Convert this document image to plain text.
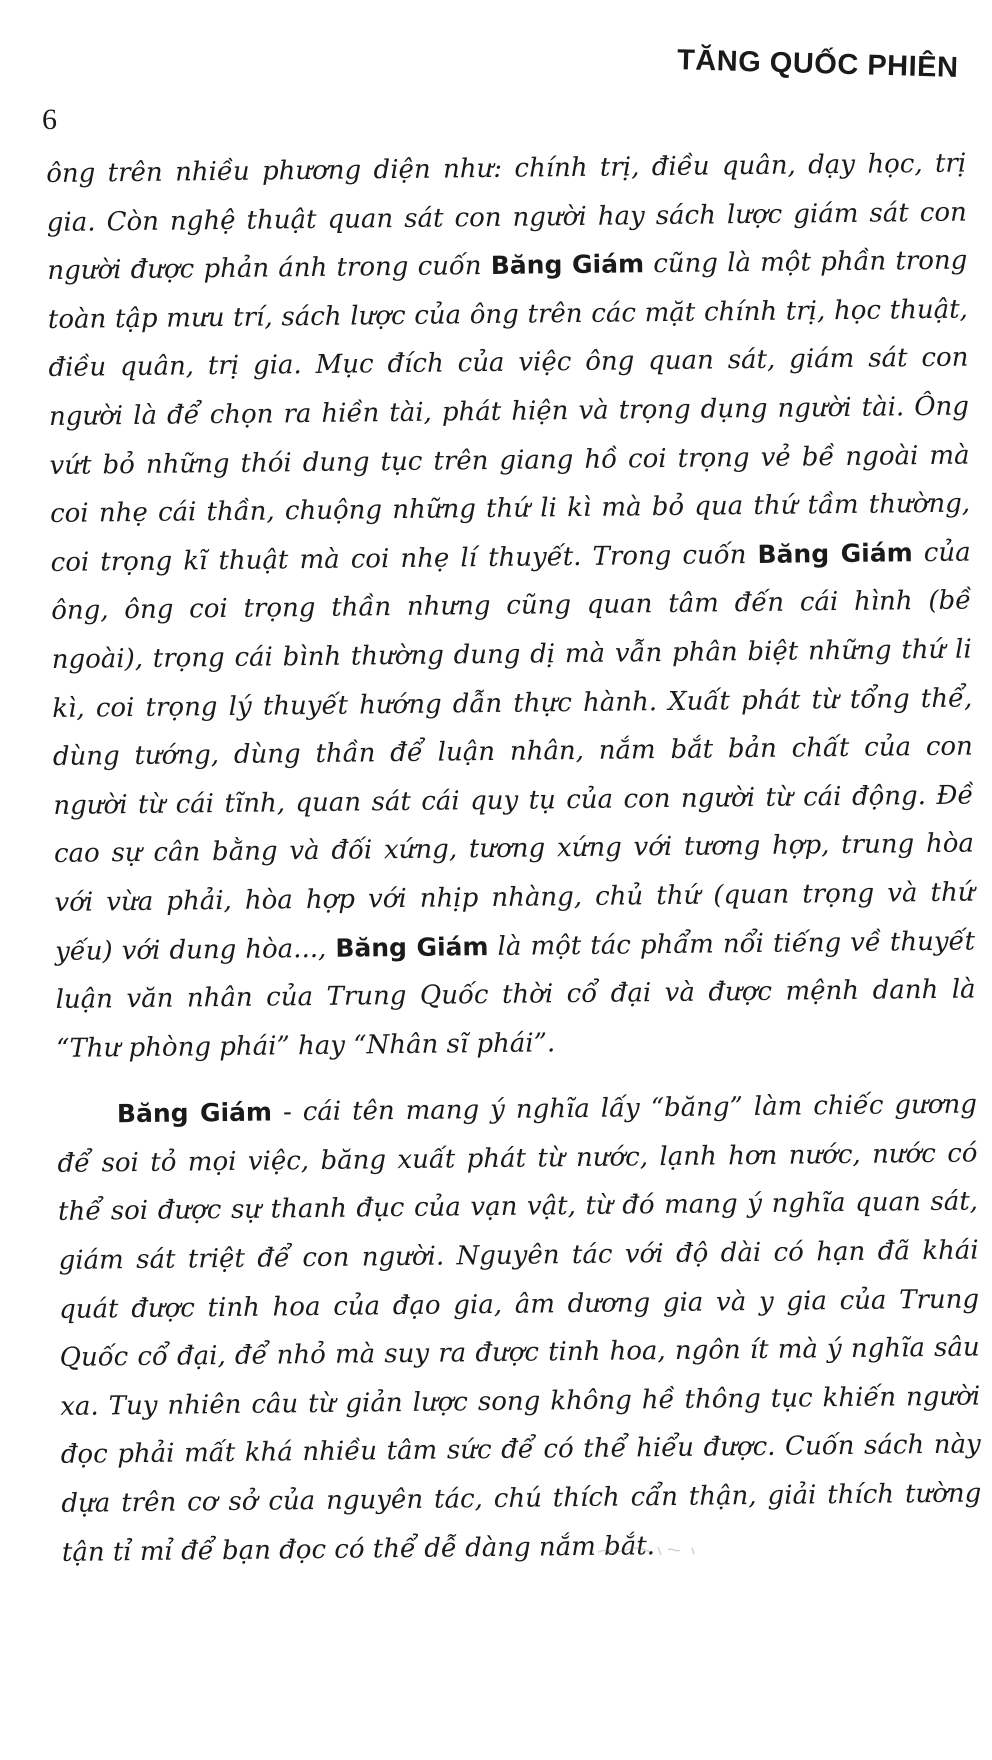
TĂNG QUỐC PHIÊN
6

ông trên nhiều phương diện như: chính trị, điều quân, dạy học, trị gia. Còn nghệ thuật quan sát con người hay sách lược giám sát con người được phản ánh trong cuốn Băng Giám cũng là một phần trong toàn tập mưu trí, sách lược của ông trên các mặt chính trị, học thuật, điều quân, trị gia. Mục đích của việc ông quan sát, giám sát con người là để chọn ra hiền tài, phát hiện và trọng dụng người tài. Ông vứt bỏ những thói dung tục trên giang hồ coi trọng vẻ bề ngoài mà coi nhẹ cái thần, chuộng những thứ li kì mà bỏ qua thứ tầm thường, coi trọng kĩ thuật mà coi nhẹ lí thuyết. Trong cuốn Băng Giám của ông, ông coi trọng thần nhưng cũng quan tâm đến cái hình (bề ngoài), trọng cái bình thường dung dị mà vẫn phân biệt những thứ li kì, coi trọng lý thuyết hướng dẫn thực hành. Xuất phát từ tổng thể, dùng tướng, dùng thần để luận nhân, nắm bắt bản chất của con người từ cái tĩnh, quan sát cái quy tụ của con người từ cái động. Đề cao sự cân bằng và đối xứng, tương xứng với tương hợp, trung hòa với vừa phải, hòa hợp với nhịp nhàng, chủ thứ (quan trọng và thứ yếu) với dung hòa..., Băng Giám là một tác phẩm nổi tiếng về thuyết luận văn nhân của Trung Quốc thời cổ đại và được mệnh danh là “Thư phòng phái” hay “Nhân sĩ phái”.

Băng Giám - cái tên mang ý nghĩa lấy “băng” làm chiếc gương để soi tỏ mọi việc, băng xuất phát từ nước, lạnh hơn nước, nước có thể soi được sự thanh đục của vạn vật, từ đó mang ý nghĩa quan sát, giám sát triệt để con người. Nguyên tác với độ dài có hạn đã khái quát được tinh hoa của đạo gia, âm dương gia và y gia của Trung Quốc cổ đại, để nhỏ mà suy ra được tinh hoa, ngôn ít mà ý nghĩa sâu xa. Tuy nhiên câu từ giản lược song không hề thông tục khiến người đọc phải mất khá nhiều tâm sức để có thể hiểu được. Cuốn sách này dựa trên cơ sở của nguyên tác, chú thích cẩn thận, giải thích tường tận tỉ mỉ để bạn đọc có thể dễ dàng nắm bắt.
